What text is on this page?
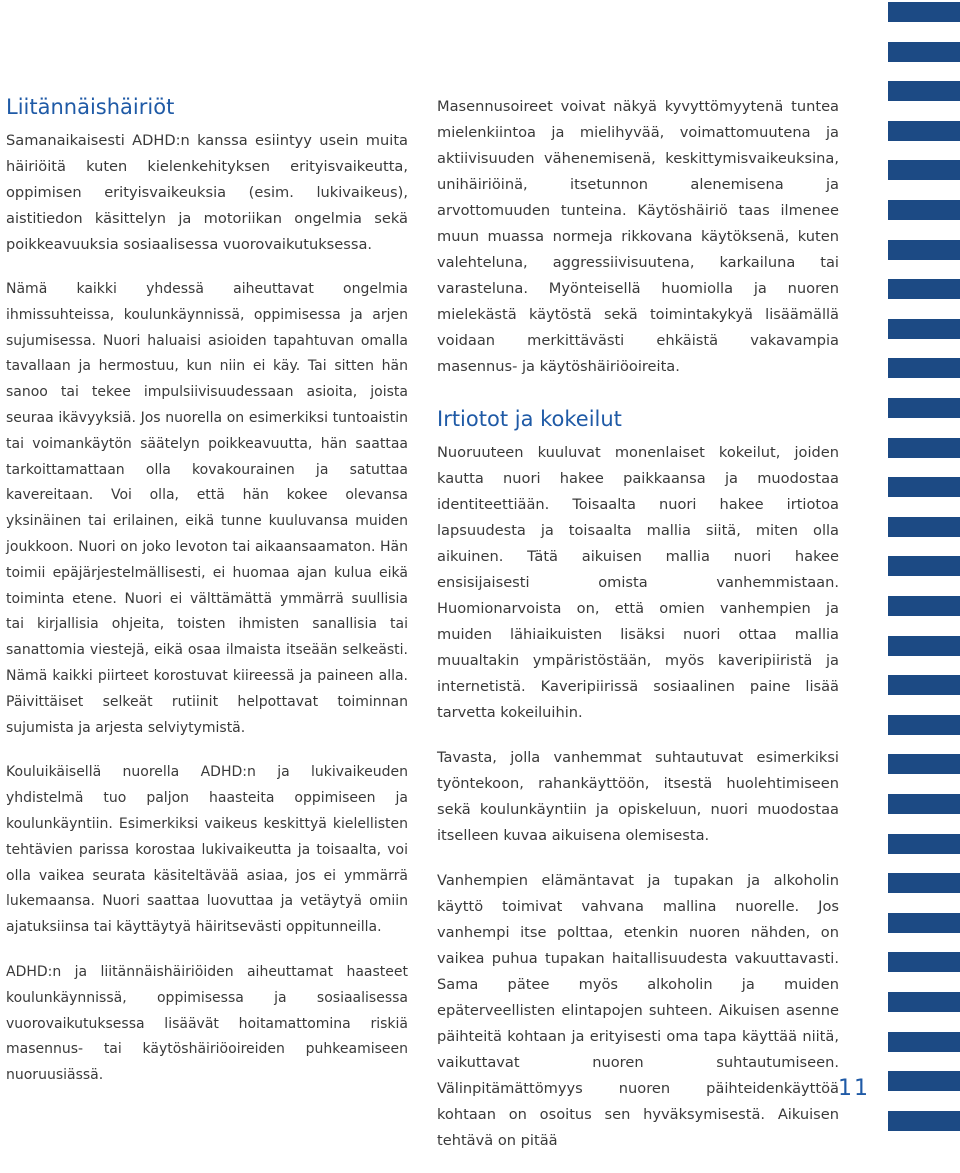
Liitännäishäiriöt

Samanaikaisesti ADHD:n kanssa esiintyy usein muita häiriöitä kuten kielenkehityksen erityisvaikeutta, oppimisen erityisvaikeuksia (esim. lukivaikeus), aistitiedon käsittelyn ja motoriikan ongelmia sekä poikkeavuuksia sosiaalisessa vuorovaikutuksessa.

Nämä kaikki yhdessä aiheuttavat ongelmia ihmissuhteissa, koulunkäynnissä, oppimisessa ja arjen sujumisessa. Nuori haluaisi asioiden tapahtuvan omalla tavallaan ja hermostuu, kun niin ei käy. Tai sitten hän sanoo tai tekee impulsiivisuudessaan asioita, joista seuraa ikävyyksiä. Jos nuorella on esimerkiksi tuntoaistin tai voimankäytön säätelyn poikkeavuutta, hän saattaa tarkoittamattaan olla kovakourainen ja satuttaa kavereitaan. Voi olla, että hän kokee olevansa yksinäinen tai erilainen, eikä tunne kuuluvansa muiden joukkoon. Nuori on joko levoton tai aikaansaamaton. Hän toimii epäjärjestelmällisesti, ei huomaa ajan kulua eikä toiminta etene. Nuori ei välttämättä ymmärrä suullisia tai kirjallisia ohjeita, toisten ihmisten sanallisia tai sanattomia viestejä, eikä osaa ilmaista itseään selkeästi. Nämä kaikki piirteet korostuvat kiireessä ja paineen alla. Päivittäiset selkeät rutiinit helpottavat toiminnan sujumista ja arjesta selviytymistä.

Kouluikäisellä nuorella ADHD:n ja lukivaikeuden yhdistelmä tuo paljon haasteita oppimiseen ja koulunkäyntiin. Esimerkiksi vaikeus keskittyä kielellisten tehtävien parissa korostaa lukivaikeutta ja toisaalta, voi olla vaikea seurata käsiteltävää asiaa, jos ei ymmärrä lukemaansa. Nuori saattaa luovuttaa ja vetäytyä omiin ajatuksiinsa tai käyttäytyä häiritsevästi oppitunneilla.

ADHD:n ja liitännäishäiriöiden aiheuttamat haasteet koulunkäynnissä, oppimisessa ja sosiaalisessa vuorovaikutuksessa lisäävät hoitamattomina riskiä masennus- tai käytöshäiriöoireiden puhkeamiseen nuoruusiässä.

Masennusoireet voivat näkyä kyvyttömyytenä tuntea mielenkiintoa ja mielihyvää, voimattomuutena ja aktiivisuuden vähenemisenä, keskittymisvaikeuksina, unihäiriöinä, itsetunnon alenemisena ja arvottomuuden tunteina. Käytöshäiriö taas ilmenee muun muassa normeja rikkovana käytöksenä, kuten valehteluna, aggressiivisuutena, karkailuna tai varasteluna. Myönteisellä huomiolla ja nuoren mielekästä käytöstä sekä toimintakykyä lisäämällä voidaan merkittävästi ehkäistä vakavampia masennus- ja käytöshäiriöoireita.

Irtiotot ja kokeilut

Nuoruuteen kuuluvat monenlaiset kokeilut, joiden kautta nuori hakee paikkaansa ja muodostaa identiteettiään. Toisaalta nuori hakee irtiotoa lapsuudesta ja toisaalta mallia siitä, miten olla aikuinen. Tätä aikuisen mallia nuori hakee ensisijaisesti omista vanhemmistaan. Huomionarvoista on, että omien vanhempien ja muiden lähiaikuisten lisäksi nuori ottaa mallia muualtakin ympäristöstään, myös kaveripiiristä ja internetistä. Kaveripiirissä sosiaalinen paine lisää tarvetta kokeiluihin.

Tavasta, jolla vanhemmat suhtautuvat esimerkiksi työntekoon, rahankäyttöön, itsestä huolehtimiseen sekä koulunkäyntiin ja opiskeluun, nuori muodostaa itselleen kuvaa aikuisena olemisesta.

Vanhempien elämäntavat ja tupakan ja alkoholin käyttö toimivat vahvana mallina nuorelle. Jos vanhempi itse polttaa, etenkin nuoren nähden, on vaikea puhua tupakan haitallisuudesta vakuuttavasti. Sama pätee myös alkoholin ja muiden epäterveellisten elintapojen suhteen. Aikuisen asenne päihteitä kohtaan ja erityisesti oma tapa käyttää niitä, vaikuttavat nuoren suhtautumiseen. Välinpitämättömyys nuoren päihteidenkäyttöä kohtaan on osoitus sen hyväksymisestä. Aikuisen tehtävä on pitää

11
